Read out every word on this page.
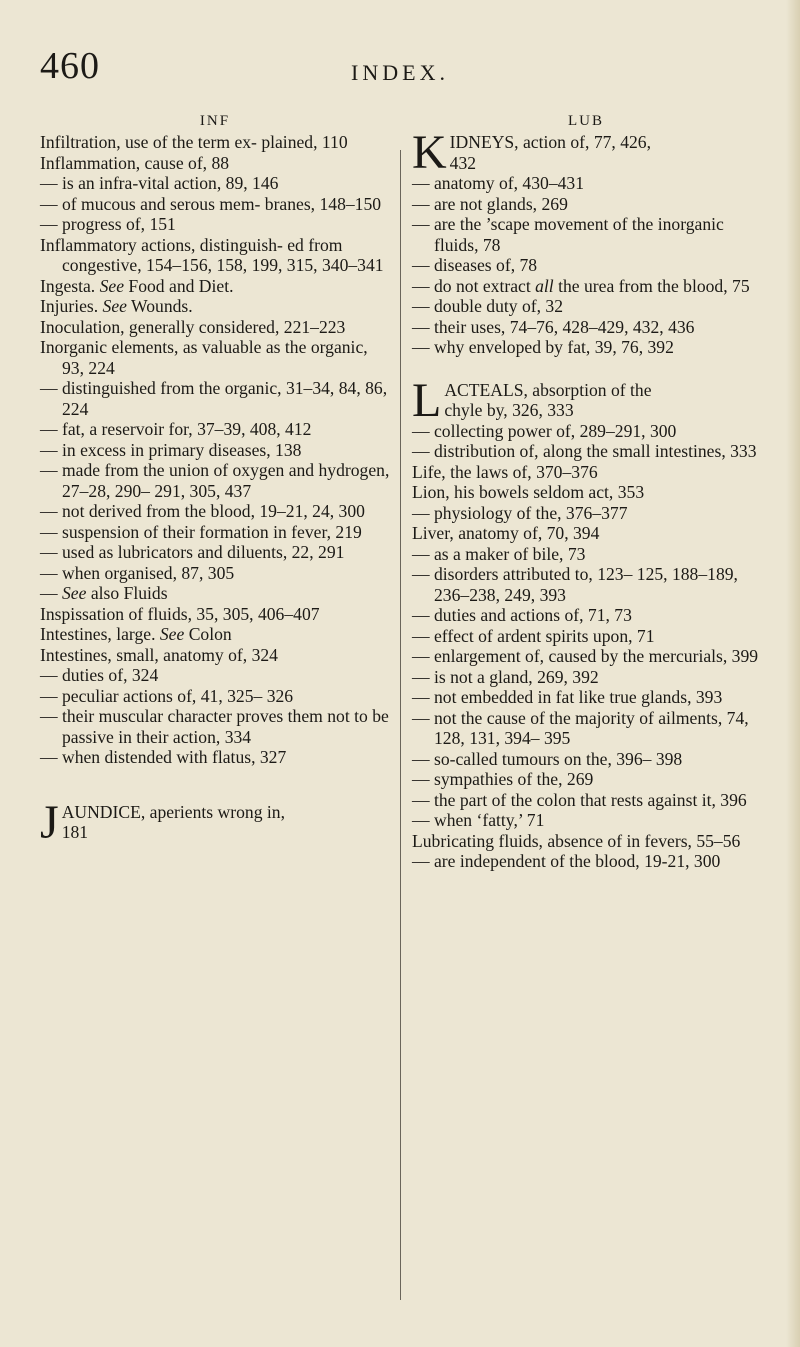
460	INDEX.
INF
Infiltration, use of the term ex- plained, 110
Inflammation, cause of, 88
— is an infra-vital action, 89, 146
— of mucous and serous mem- branes, 148–150
— progress of, 151
Inflammatory actions, distinguish- ed from congestive, 154–156, 158, 199, 315, 340–341
Ingesta. See Food and Diet.
Injuries. See Wounds.
Inoculation, generally considered, 221–223
Inorganic elements, as valuable as the organic, 93, 224
— distinguished from the organic, 31–34, 84, 86, 224
— fat, a reservoir for, 37–39, 408, 412
— in excess in primary diseases, 138
— made from the union of oxygen and hydrogen, 27–28, 290– 291, 305, 437
— not derived from the blood, 19–21, 24, 300
— suspension of their formation in fever, 219
— used as lubricators and diluents, 22, 291
— when organised, 87, 305
— See also Fluids
Inspissation of fluids, 35, 305, 406–407
Intestines, large. See Colon
Intestines, small, anatomy of, 324
— duties of, 324
— peculiar actions of, 41, 325– 326
— their muscular character proves them not to be passive in their action, 334
— when distended with flatus, 327
J AUNDICE, aperients wrong in,
181
LUB
K IDNEYS, action of, 77, 426,
432
— anatomy of, 430–431
— are not glands, 269
— are the ’scape movement of the inorganic fluids, 78
— diseases of, 78
— do not extract all the urea from the blood, 75
— double duty of, 32
— their uses, 74–76, 428–429, 432, 436
— why enveloped by fat, 39, 76, 392
L ACTEALS, absorption of the
chyle by, 326, 333
— collecting power of, 289–291, 300
— distribution of, along the small intestines, 333
Life, the laws of, 370–376
Lion, his bowels seldom act, 353
— physiology of the, 376–377
Liver, anatomy of, 70, 394
— as a maker of bile, 73
— disorders attributed to, 123– 125, 188–189, 236–238, 249, 393
— duties and actions of, 71, 73
— effect of ardent spirits upon, 71
— enlargement of, caused by the mercurials, 399
— is not a gland, 269, 392
— not embedded in fat like true glands, 393
— not the cause of the majority of ailments, 74, 128, 131, 394– 395
— so-called tumours on the, 396– 398
— sympathies of the, 269
— the part of the colon that rests against it, 396
— when ‘fatty,’ 71
Lubricating fluids, absence of in fevers, 55–56
— are independent of the blood, 19-21, 300
